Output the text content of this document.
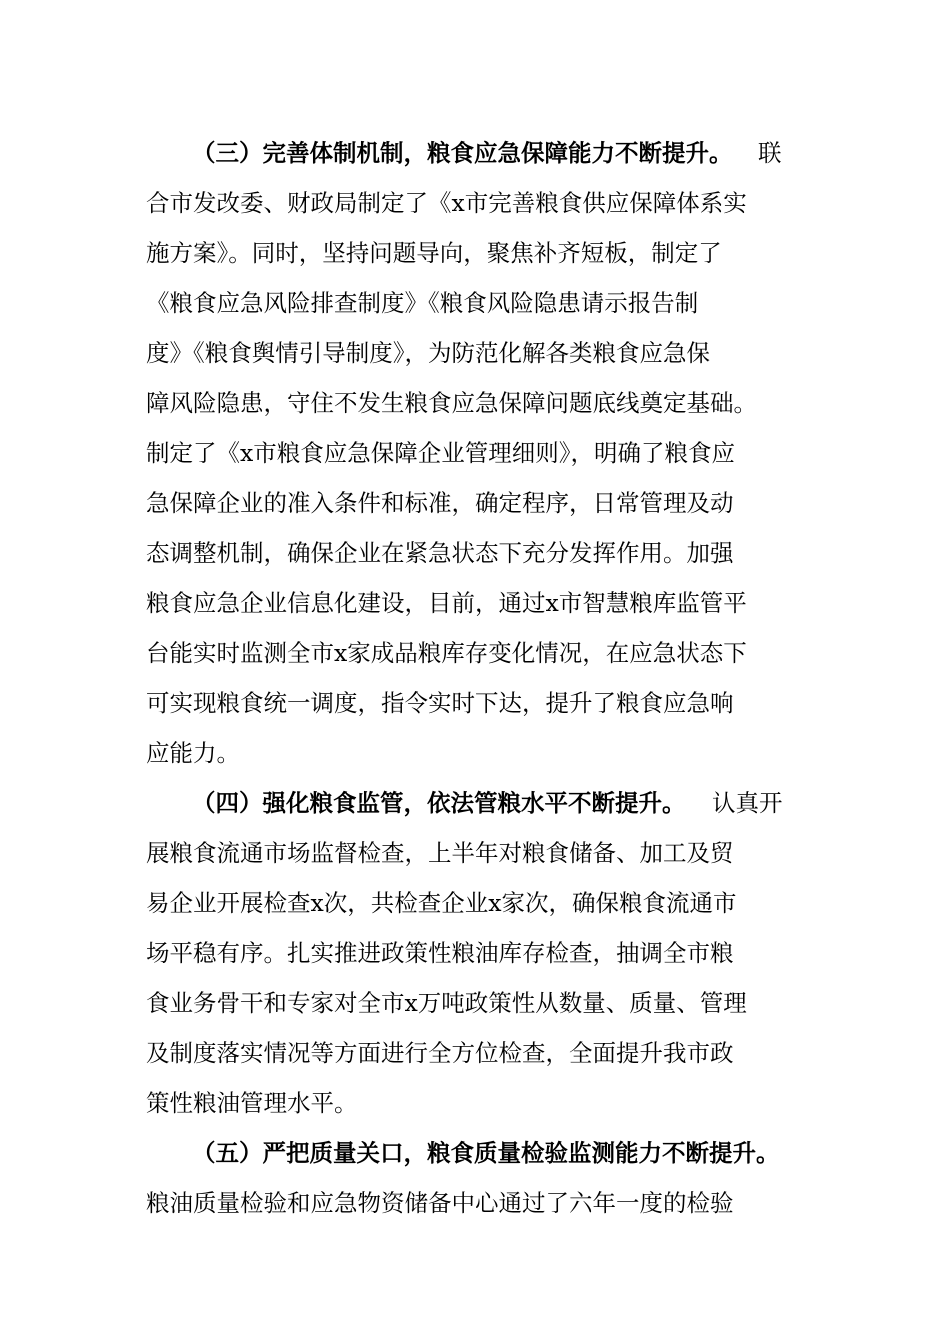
（三）完善体制机制，粮食应急保障能力不断提升。 联
合市发改委、财政局制定了《x市完善粮食供应保障体系实
施方案》。同时，坚持问题导向，聚焦补齐短板，制定了
《粮食应急风险排查制度》《粮食风险隐患请示报告制
度》《粮食舆情引导制度》，为防范化解各类粮食应急保
障风险隐患，守住不发生粮食应急保障问题底线奠定基础。
制定了《x市粮食应急保障企业管理细则》，明确了粮食应
急保障企业的准入条件和标准，确定程序，日常管理及动
态调整机制，确保企业在紧急状态下充分发挥作用。加强
粮食应急企业信息化建设，目前，通过x市智慧粮库监管平
台能实时监测全市x家成品粮库存变化情况，在应急状态下
可实现粮食统一调度，指令实时下达，提升了粮食应急响
应能力。
（四）强化粮食监管，依法管粮水平不断提升。 认真开
展粮食流通市场监督检查，上半年对粮食储备、加工及贸
易企业开展检查x次，共检查企业x家次，确保粮食流通市
场平稳有序。扎实推进政策性粮油库存检查，抽调全市粮
食业务骨干和专家对全市x万吨政策性从数量、质量、管理
及制度落实情况等方面进行全方位检查，全面提升我市政
策性粮油管理水平。
（五）严把质量关口，粮食质量检验监测能力不断提升。
粮油质量检验和应急物资储备中心通过了六年一度的检验
